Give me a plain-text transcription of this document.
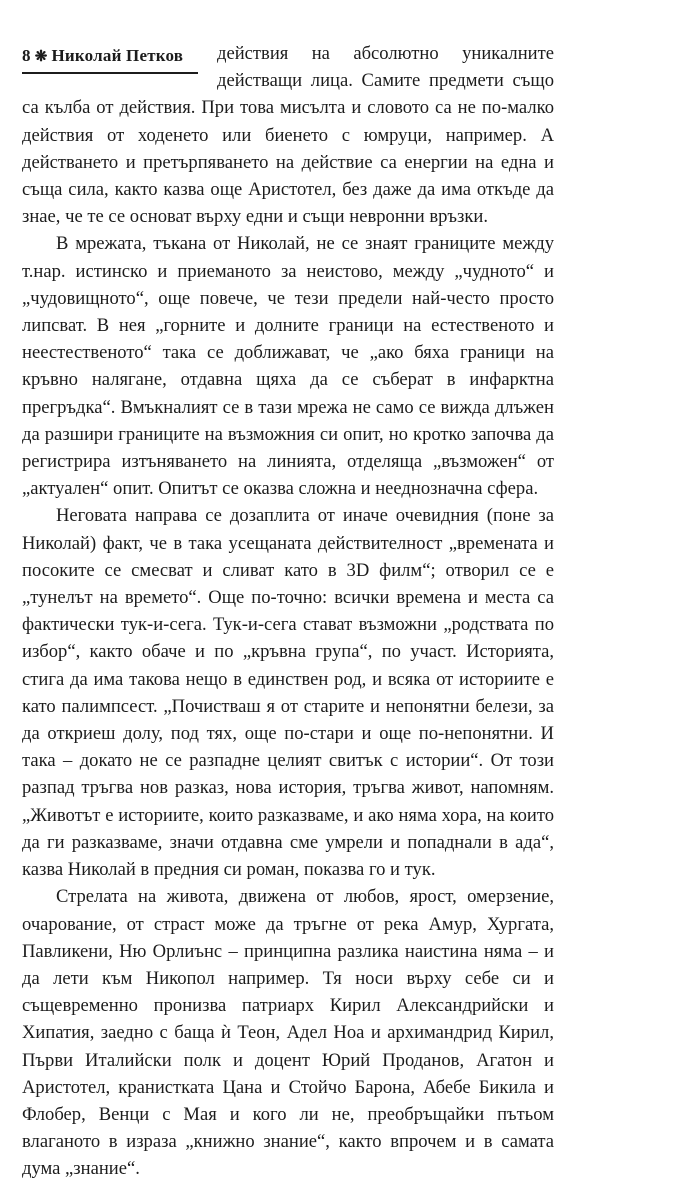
8 ❋ Николай Петков	действия на абсолютно уникалните действащи лица. Самите предмети също са кълба от действия. При това мисълта и словото са не по-малко действия от ходенето или биенето с юмруци, например. А действането и претърпяването на действие са енергии на една и съща сила, както казва още Аристотел, без даже да има откъде да знае, че те се основат върху едни и същи невронни връзки.

В мрежата, тъкана от Николай, не се знаят границите между т.нар. истинско и приеманото за неистово, между „чудното“ и „чудовищното“, още повече, че тези предели най-често просто липсват. В нея „горните и долните граници на естественото и неестественото“ така се доближават, че „ако бяха граници на кръвно налягане, отдавна щяха да се съберат в инфарктна прегръдка“. Вмъкналият се в тази мрежа не само се вижда длъжен да разшири границите на възможния си опит, но кротко започва да регистрира изтъняването на линията, отделяща „възможен“ от „актуален“ опит. Опитът се оказва сложна и нееднозначна сфера.

Неговата направа се дозаплита от иначе очевидния (поне за Николай) факт, че в така усещаната действителност „времената и посоките се смесват и сливат като в 3D филм“; отворил се е „тунелът на времето“. Още по-точно: всички времена и места са фактически тук-и-сега. Тук-и-сега стават възможни „родствата по избор“, както обаче и по „кръвна група“, по участ. Историята, стига да има такова нещо в единствен род, и всяка от историите е като палимпсест. „Почистваш я от старите и непонятни белези, за да откриеш долу, под тях, още по-стари и още по-непонятни. И така – докато не се разпадне целият свитък с истории“. От този разпад тръгва нов разказ, нова история, тръгва живот, напомням. „Животът е историите, които разказваме, и ако няма хора, на които да ги разказваме, значи отдавна сме умрели и попаднали в ада“, казва Николай в предния си роман, показва го и тук.

Стрелата на живота, движена от любов, ярост, омерзение, очарование, от страст може да тръгне от река Амур, Хургата, Павликени, Ню Орлиънс – принципна разлика наистина няма – и да лети към Никопол например. Тя носи върху себе си и същевременно пронизва патриарх Кирил Александрийски и Хипатия, заедно с баща ѝ Теон, Адел Ноа и архимандрид Кирил, Първи Италийски полк и доцент Юрий Проданов, Агатон и Аристотел, кранистката Цана и Стойчо Барона, Абебе Бикила и Флобер, Венци с Мая и кого ли не, преобръщайки пътьом влаганото в израза „книжно знание“, както впрочем и в самата дума „знание“.
